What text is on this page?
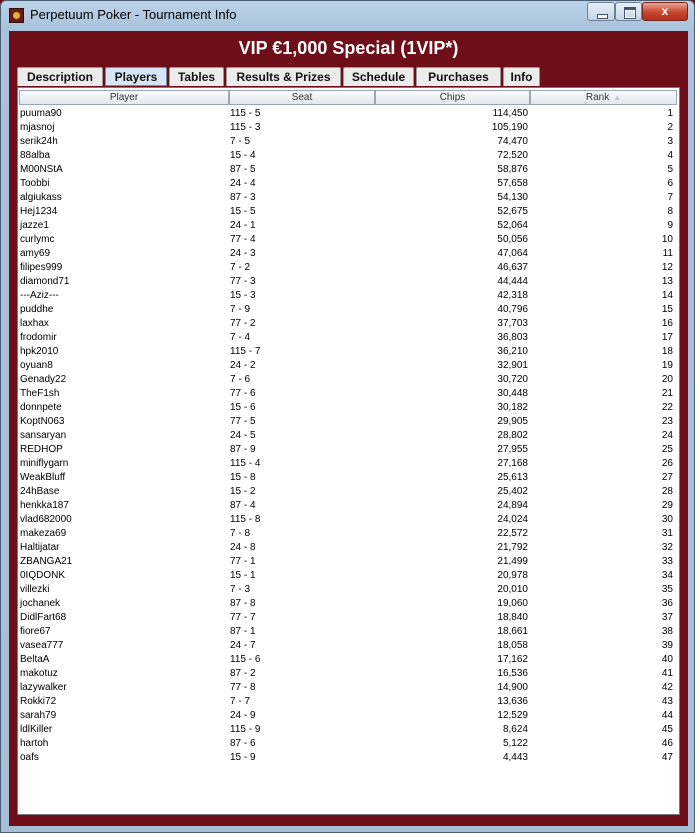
Perpetuum Poker - Tournament Info	x
VIP €1,000 Special (1VIP*)
Description	Players	Tables	Results & Prizes	Schedule	Purchases	Info
Player	Seat	Chips	Rank ▲
puuma90	115 - 5	114,450	1
mjasnoj	115 - 3	105,190	2
serik24h	7 - 5	74,470	3
88alba	15 - 4	72,520	4
M00NStA	87 - 5	58,876	5
Toobbi	24 - 4	57,658	6
algiukass	87 - 3	54,130	7
Hej1234	15 - 5	52,675	8
jazze1	24 - 1	52,064	9
curlymc	77 - 4	50,056	10
amy69	24 - 3	47,064	11
filipes999	7 - 2	46,637	12
diamond71	77 - 3	44,444	13
---Aziz---	15 - 3	42,318	14
puddhe	7 - 9	40,796	15
laxhax	77 - 2	37,703	16
frodomir	7 - 4	36,803	17
hpk2010	115 - 7	36,210	18
oyuan8	24 - 2	32,901	19
Genady22	7 - 6	30,720	20
TheF1sh	77 - 6	30,448	21
donnpete	15 - 6	30,182	22
KoptN063	77 - 5	29,905	23
sansaryan	24 - 5	28,802	24
REDHOP	87 - 9	27,955	25
miniflygarn	115 - 4	27,168	26
WeakBluff	15 - 8	25,613	27
24hBase	15 - 2	25,402	28
henkka187	87 - 4	24,894	29
vlad682000	115 - 8	24,024	30
makeza69	7 - 8	22,572	31
Haltijatar	24 - 8	21,792	32
ZBANGA21	77 - 1	21,499	33
0IQDONK	15 - 1	20,978	34
villezki	7 - 3	20,010	35
jochanek	87 - 8	19,060	36
DidlFart68	77 - 7	18,840	37
fiore67	87 - 1	18,661	38
vasea777	24 - 7	18,058	39
BeltaA	115 - 6	17,162	40
makotuz	87 - 2	16,536	41
lazywalker	77 - 8	14,900	42
Rokki72	7 - 7	13,636	43
sarah79	24 - 9	12,529	44
ldlKiller	115 - 9	8,624	45
hartoh	87 - 6	5,122	46
oafs	15 - 9	4,443	47
